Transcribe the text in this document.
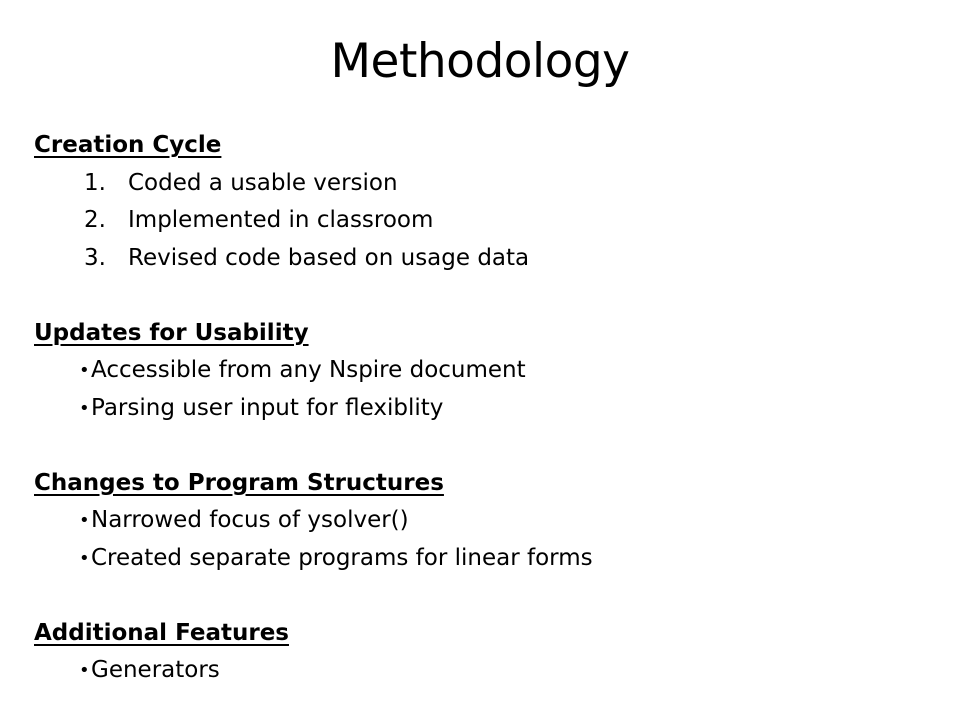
Methodology
Creation Cycle
1. Coded a usable version
2. Implemented in classroom
3. Revised code based on usage data
Updates for Usability
• Accessible from any Nspire document
• Parsing user input for flexiblity
Changes to Program Structures
• Narrowed focus of ysolver()
• Created separate programs for linear forms
Additional Features
• Generators
